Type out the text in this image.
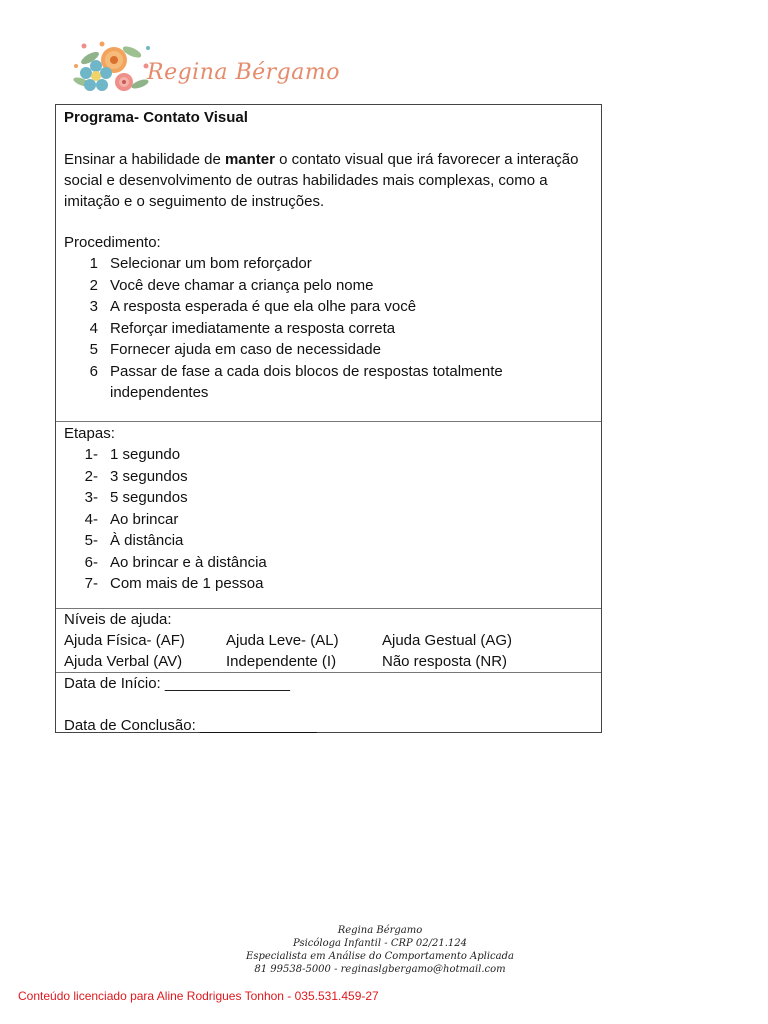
Regina Bérgamo
Programa- Contato Visual
Ensinar a habilidade de manter o contato visual que irá favorecer a interação social e desenvolvimento de outras habilidades mais complexas, como a imitação e o seguimento de instruções.
Procedimento:
1 Selecionar um bom reforçador
2 Você deve chamar a criança pelo nome
3 A resposta esperada é que ela olhe para você
4 Reforçar imediatamente a resposta correta
5 Fornecer ajuda em caso de necessidade
6 Passar de fase a cada dois blocos de respostas totalmente independentes
Etapas:
1- 1 segundo
2- 3 segundos
3- 5 segundos
4- Ao brincar
5- À distância
6- Ao brincar e à distância
7- Com mais de 1 pessoa
Níveis de ajuda:
Ajuda Física- (AF)	Ajuda Leve- (AL)	Ajuda Gestual (AG)
Ajuda Verbal (AV)	Independente (I)	Não resposta (NR)
Data de Início: _______________
Data de Conclusão: ______________
Regina Bérgamo
Psicóloga Infantil - CRP 02/21.124
Especialista em Análise do Comportamento Aplicada
81 99538-5000 - reginaslgbergamo@hotmail.com
Conteúdo licenciado para Aline Rodrigues Tonhon - 035.531.459-27
